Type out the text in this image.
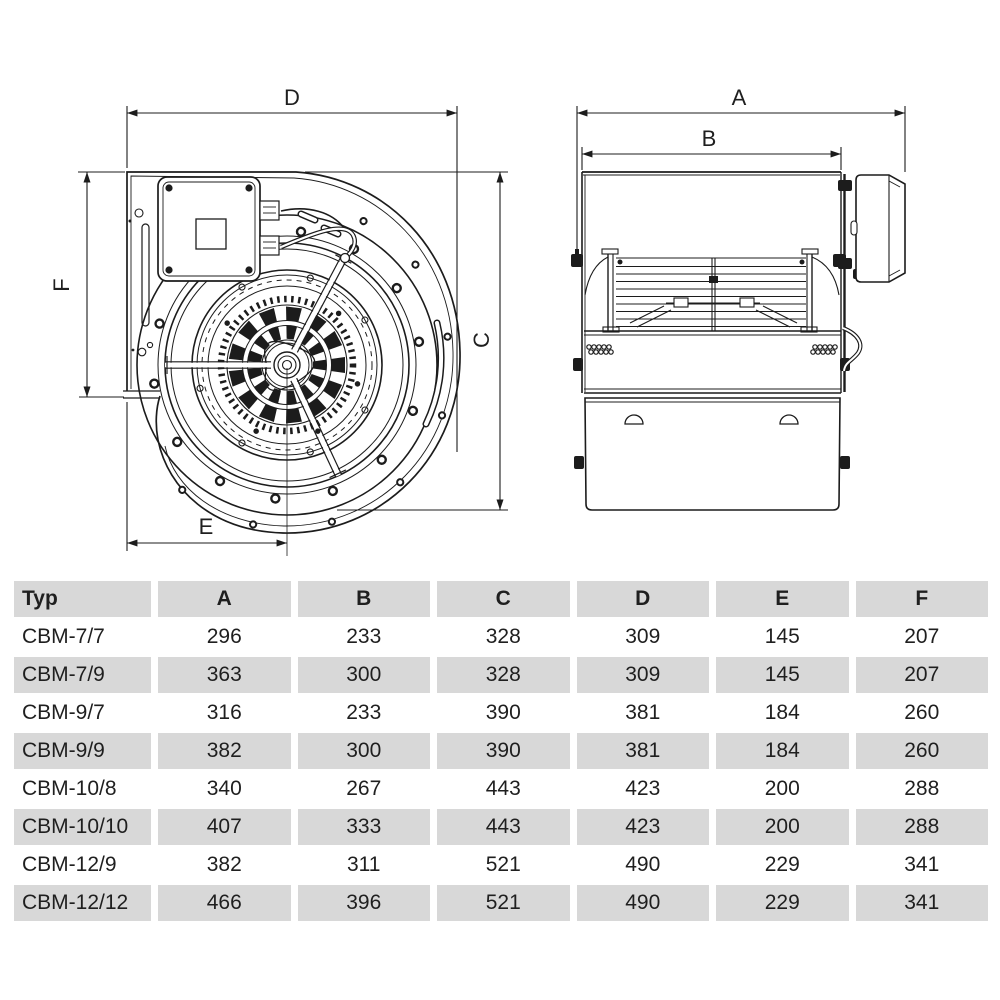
D
F
C
E
A
B
Typ	A	B	C	D	E	F
CBM-7/7	296	233	328	309	145	207
CBM-7/9	363	300	328	309	145	207
CBM-9/7	316	233	390	381	184	260
CBM-9/9	382	300	390	381	184	260
CBM-10/8	340	267	443	423	200	288
CBM-10/10	407	333	443	423	200	288
CBM-12/9	382	311	521	490	229	341
CBM-12/12	466	396	521	490	229	341
